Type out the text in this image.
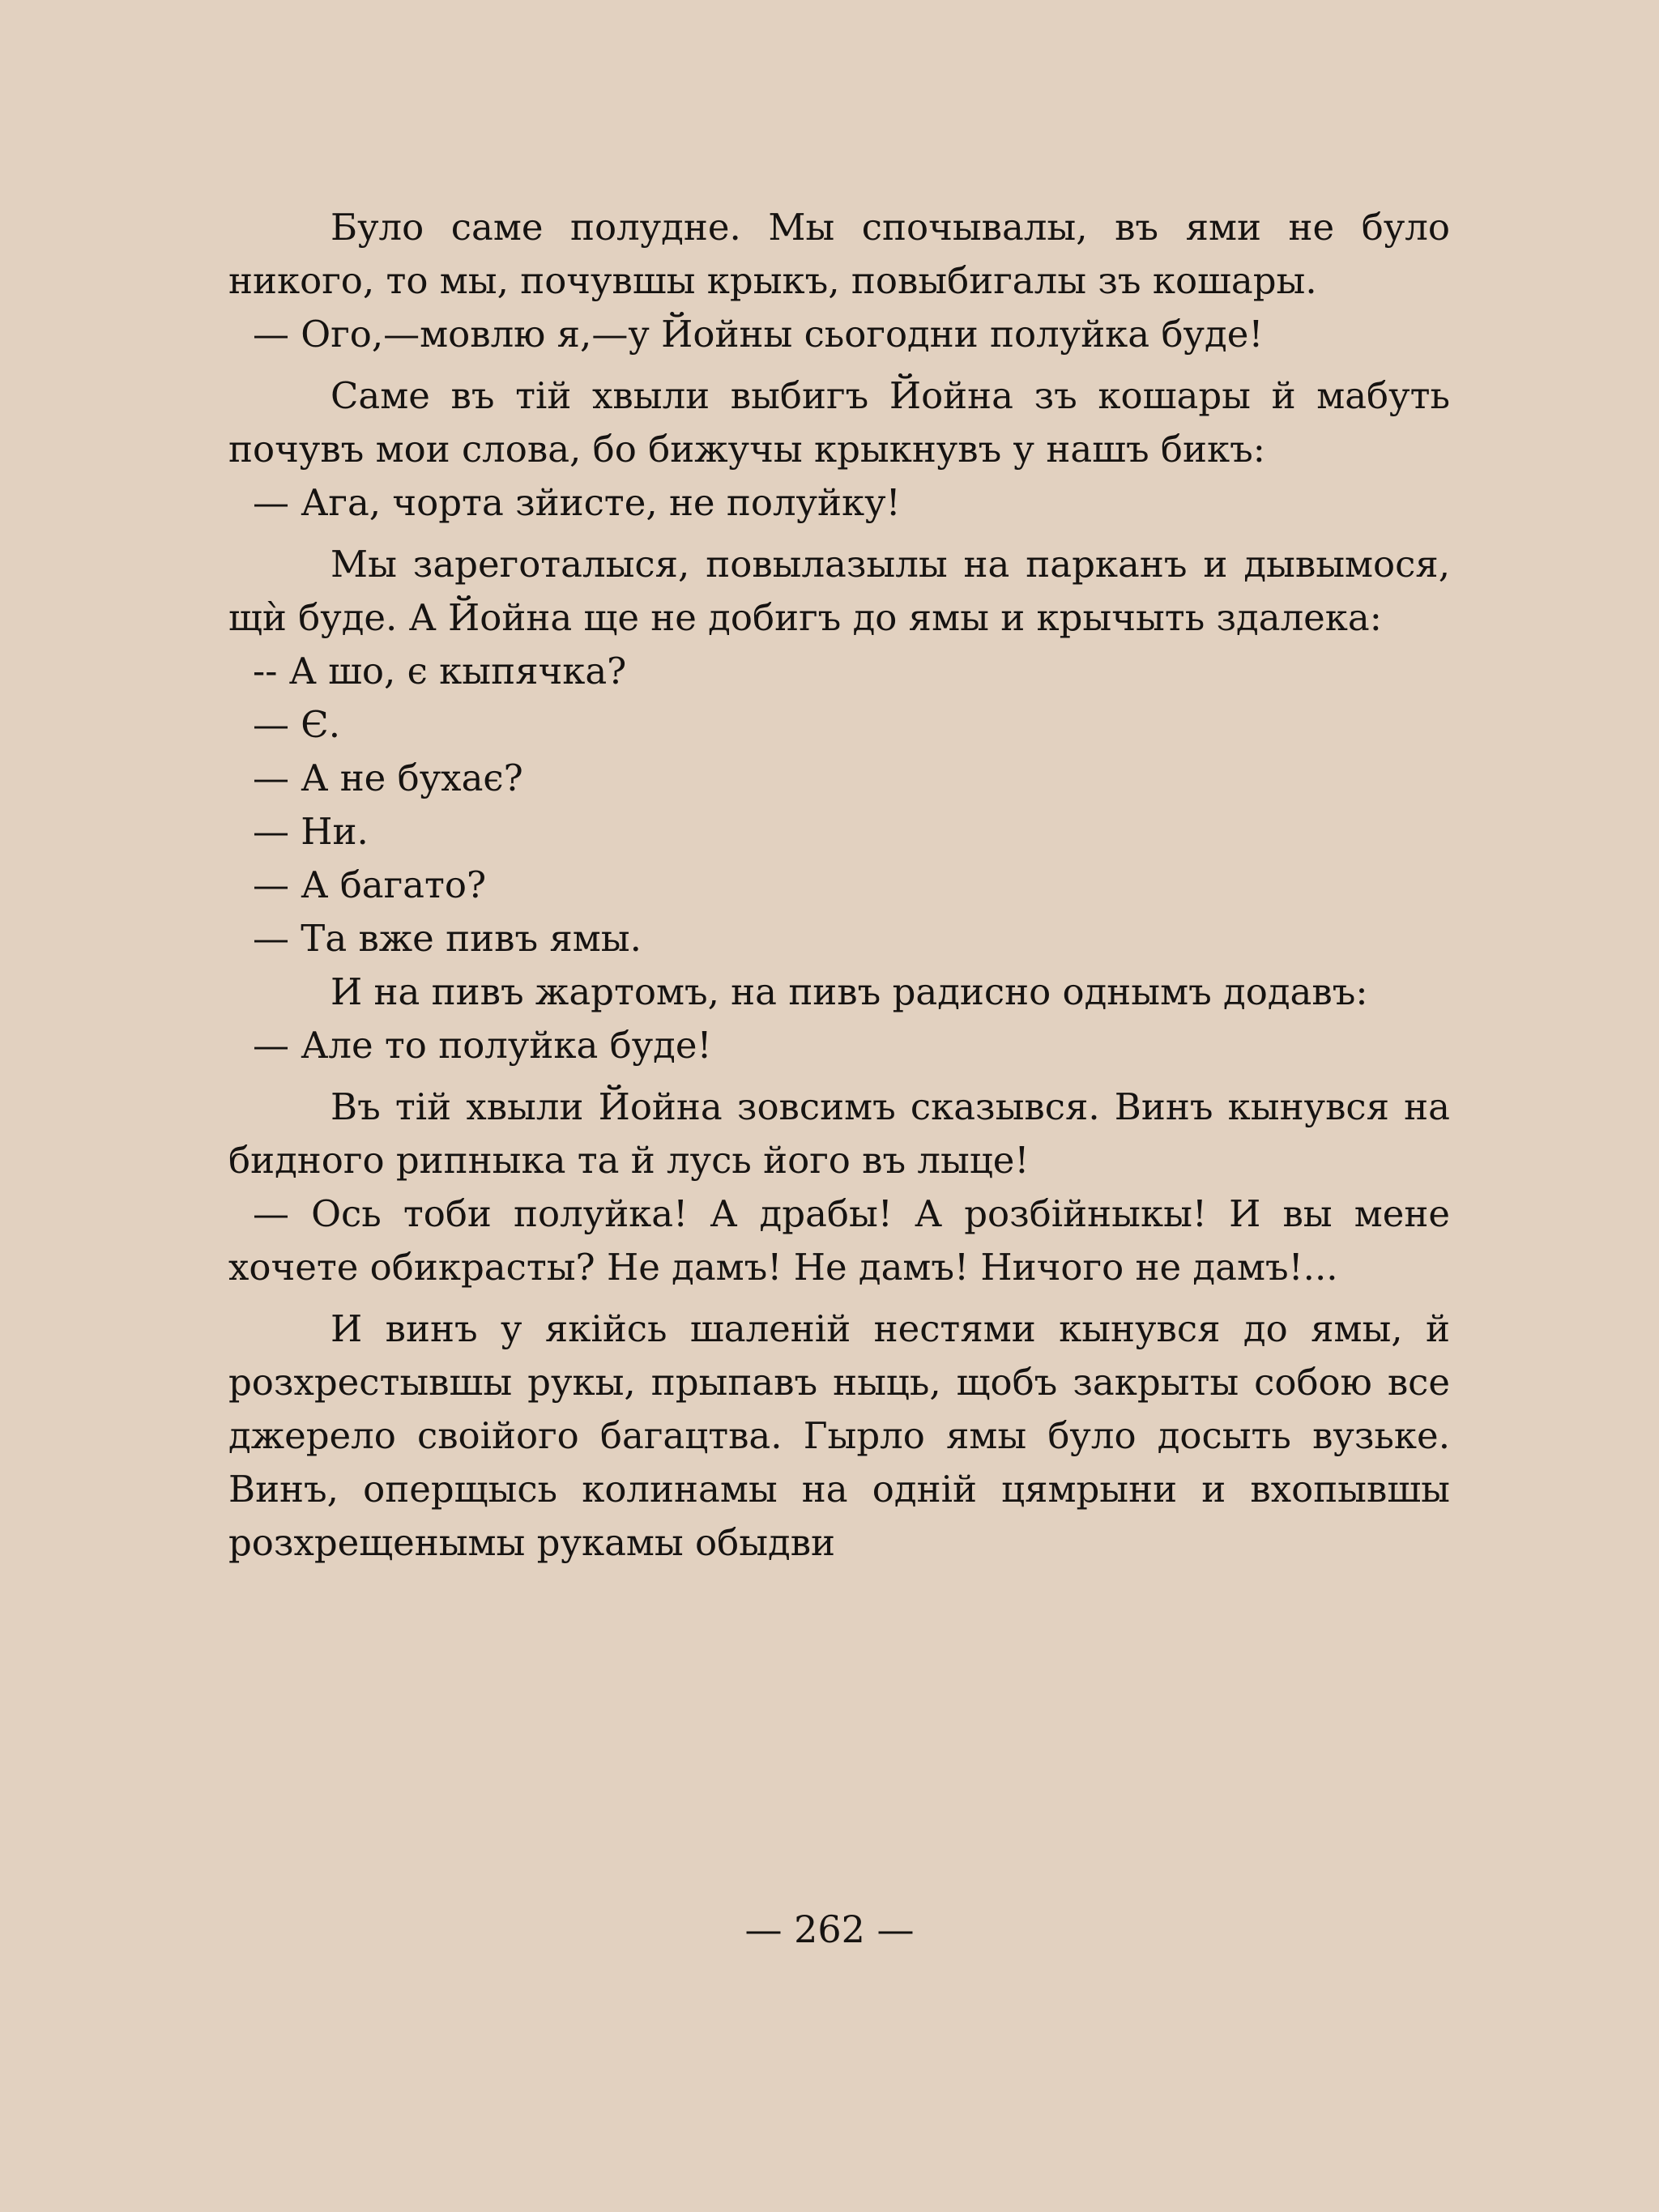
Було саме полудне. Мы спочывалы, въ ями не було никого, то мы, почувшы крыкъ, повыбигалы зъ кошары.

— Ого,—мовлю я,—у Йойны сьогодни полуйка буде!

Саме въ тій хвыли выбигъ Йойна зъ кошары й мабуть почувъ мои слова, бо бижучы крыкнувъ у нашъ бикъ:

— Ага, чорта зйисте, не полуйку!

Мы зареготалыся, повылазылы на парканъ и дывымося, щѝ буде. А Йойна ще не добигъ до ямы и крычыть здалека:

-- А шо, є кыпячка?

— Є.

— А не бухає?

— Ни.

— А багато?

— Та вже пивъ ямы.

И на пивъ жартомъ, на пивъ радисно однымъ додавъ:

— Але то полуйка буде!

Въ тій хвыли Йойна зовсимъ сказывся. Винъ кынувся на бидного рипныка та й лусь його въ лыце!

— Ось тоби полуйка! А драбы! А розбійныкы! И вы мене хочете обикрасты? Не дамъ! Не дамъ! Ничого не дамъ!...

И винъ у якійсь шаленій нестями кынувся до ямы, й розхрестывшы рукы, прыпавъ ныць, щобъ закрыты собою все джерело своійого багацтва. Гырло ямы було досыть вузьке. Винъ, оперщысь колинамы на одній цямрыни и вхопывшы розхрещенымы рукамы обыдви

— 262 —
